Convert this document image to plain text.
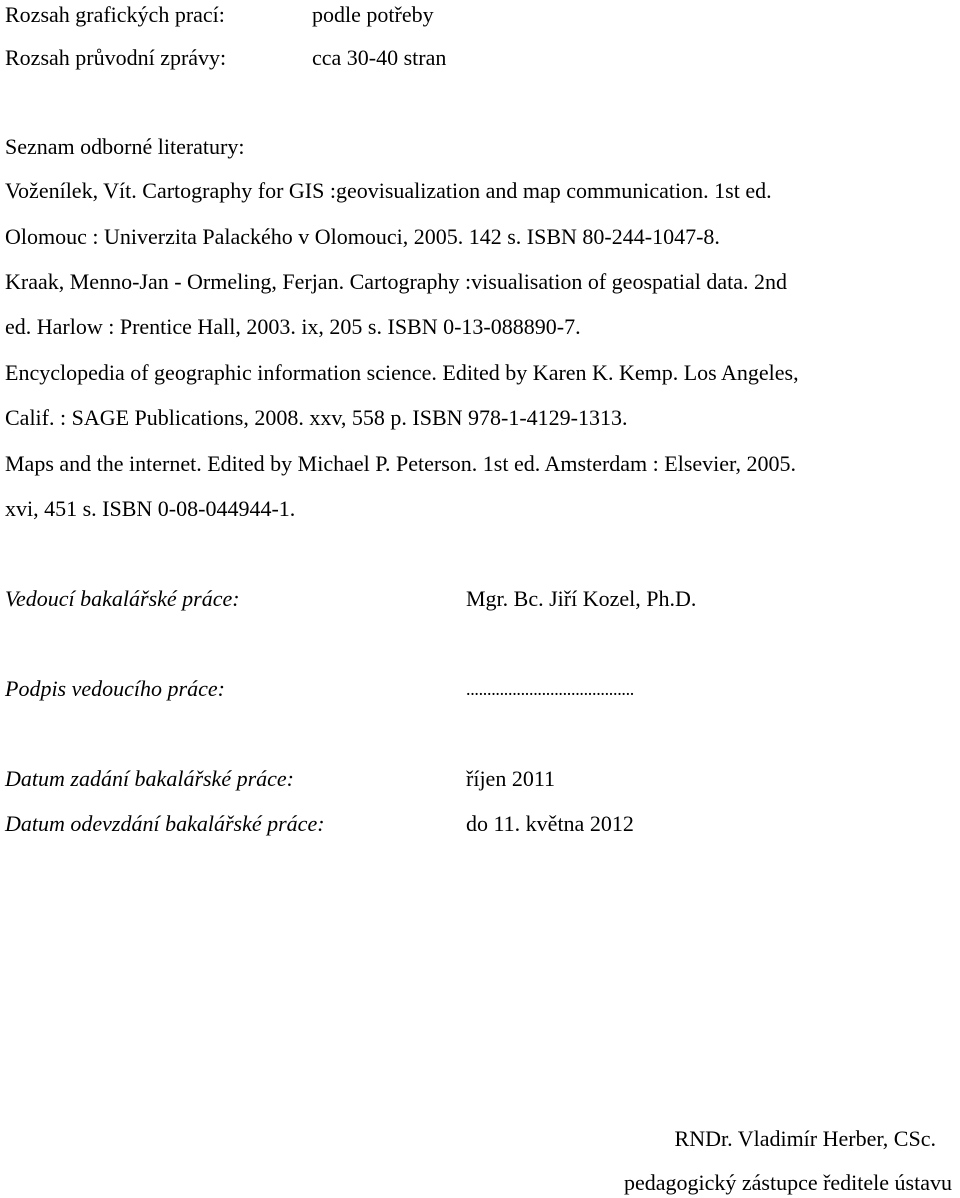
Rozsah grafických prací:	podle potřeby
Rozsah průvodní zprávy:	cca 30-40 stran
Seznam odborné literatury:
Voženílek, Vít. Cartography for GIS :geovisualization and map communication. 1st ed.
Olomouc : Univerzita Palackého v Olomouci, 2005. 142 s. ISBN 80-244-1047-8.
Kraak, Menno-Jan - Ormeling, Ferjan. Cartography :visualisation of geospatial data. 2nd
ed. Harlow : Prentice Hall, 2003. ix, 205 s. ISBN 0-13-088890-7.
Encyclopedia of geographic information science. Edited by Karen K. Kemp. Los Angeles,
Calif. : SAGE Publications, 2008. xxv, 558 p. ISBN 978-1-4129-1313.
Maps and the internet. Edited by Michael P. Peterson. 1st ed. Amsterdam : Elsevier, 2005.
xvi, 451 s. ISBN 0-08-044944-1.
Vedoucí bakalářské práce:	Mgr. Bc. Jiří Kozel, Ph.D.
Podpis vedoucího práce:	........................................
Datum zadání bakalářské práce:	říjen 2011
Datum odevzdání bakalářské práce:	do 11. května 2012
RNDr. Vladimír Herber, CSc.
pedagogický zástupce ředitele ústavu
